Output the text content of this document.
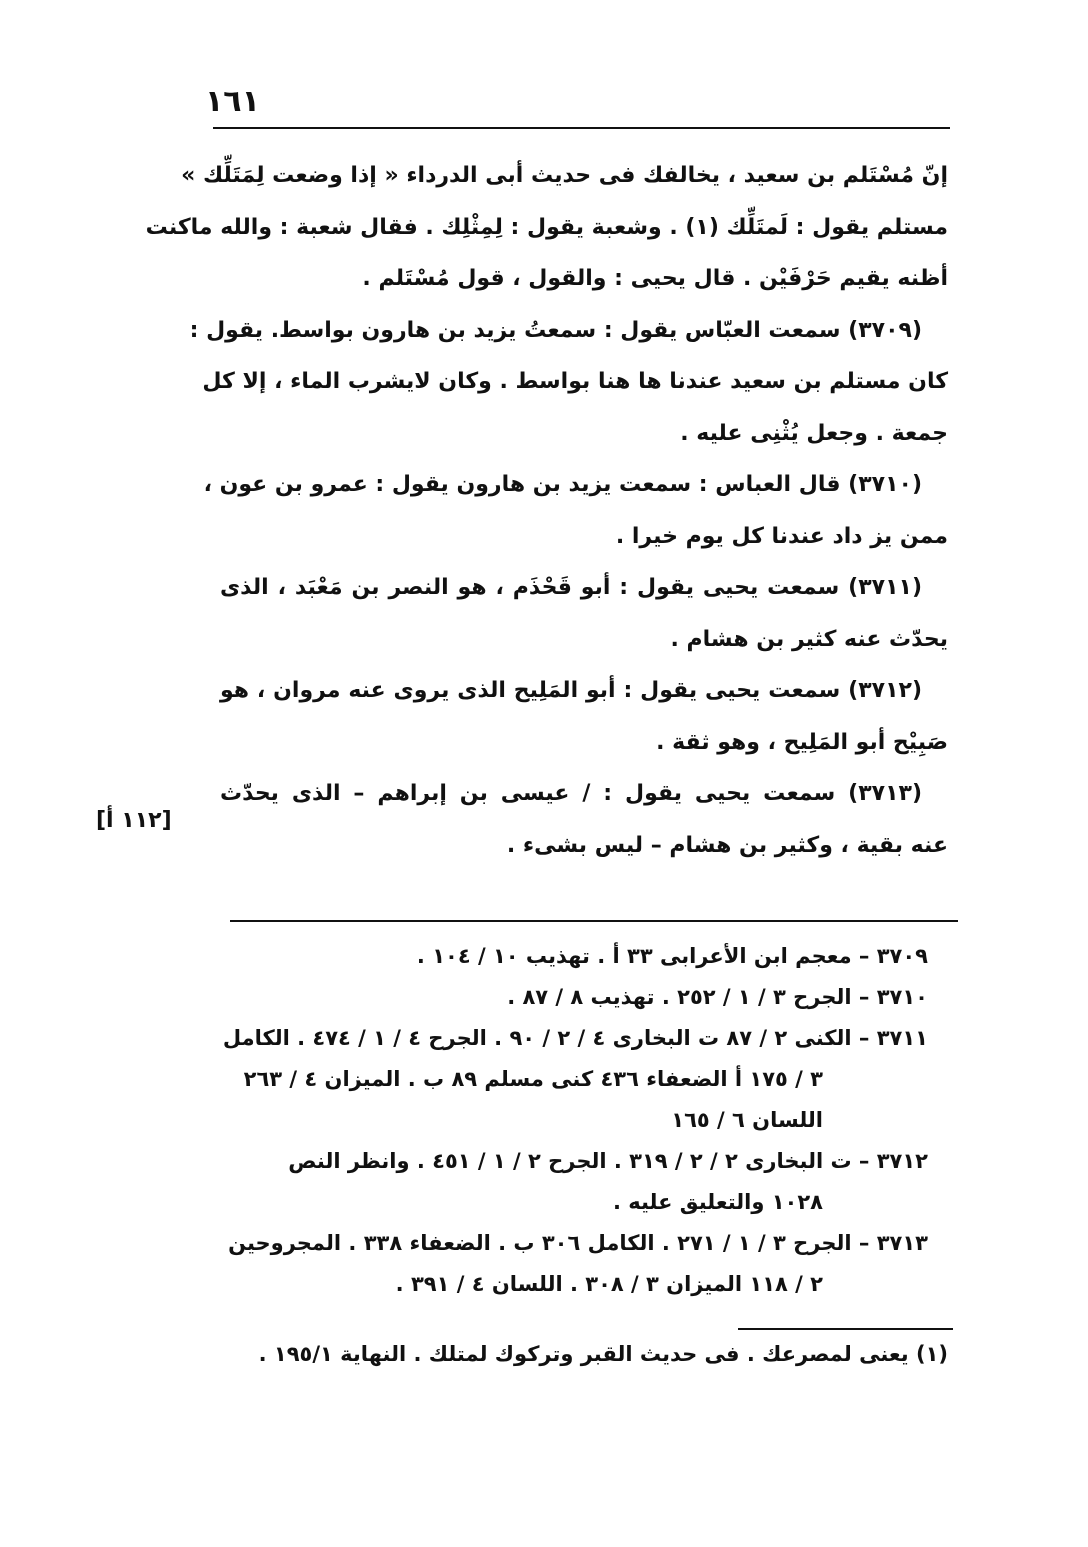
١٦١
إنّ مُسْتَلم بن سعيد ، يخالفك فى حديث أبى الدرداء « إذا وضعت لِمَتَلِّك »
مستلم يقول : لَمتَلِّك (١) . وشعبة يقول : لِمِثْلِك . فقال شعبة : والله ماكنت
أظنه يقيم حَرْفَيْن . قال يحيى : والقول ، قول مُسْتَلم .
(٣٧٠٩) سمعت العبّاس يقول : سمعتُ يزيد بن هارون بواسط. يقول :
كان مستلم بن سعيد عندنا ها هنا بواسط . وكان لايشرب الماء ، إلا كل
جمعة . وجعل يُثْنِى عليه .
(٣٧١٠) قال العباس : سمعت يزيد بن هارون يقول : عمرو بن عون ،
ممن يز داد عندنا كل يوم خيرا .
(٣٧١١) سمعت يحيى يقول : أبو قَحْذَم ، هو النصر بن مَعْبَد ، الذى
يحدّث عنه كثير بن هشام .
(٣٧١٢) سمعت يحيى يقول : أبو المَلِيح الذى يروى عنه مروان ، هو
صَبِيْح أبو المَلِيح ، وهو ثقة .
(٣٧١٣) سمعت يحيى يقول : / عيسى بن إبراهم – الذى يحدّث
عنه بقية ، وكثير بن هشام – ليس بشىء .
[١١٢ أ]
٣٧٠٩ – معجم ابن الأعرابى ٣٣ أ . تهذيب ١٠ / ١٠٤ .
٣٧١٠ – الجرح ٣ / ١ / ٢٥٢ . تهذيب ٨ / ٨٧ .
٣٧١١ – الكنى ٢ / ٨٧ ت البخارى ٤ / ٢ / ٩٠ . الجرح ٤ / ١ / ٤٧٤ . الكامل
٣ / ١٧٥ أ الضعفاء ٤٣٦ كنى مسلم ٨٩ ب . الميزان ٤ / ٢٦٣
اللسان ٦ / ١٦٥
٣٧١٢ – ت البخارى ٢ / ٢ / ٣١٩ . الجرح ٢ / ١ / ٤٥١ . وانظر النص
١٠٢٨ والتعليق عليه .
٣٧١٣ – الجرح ٣ / ١ / ٢٧١ . الكامل ٣٠٦ ب . الضعفاء ٣٣٨ . المجروحين
٢ / ١١٨ الميزان ٣ / ٣٠٨ . اللسان ٤ / ٣٩١ .
(١) يعنى لمصرعك . فى حديث القبر وتركوك لمتلك . النهاية ١٩٥/١ .
